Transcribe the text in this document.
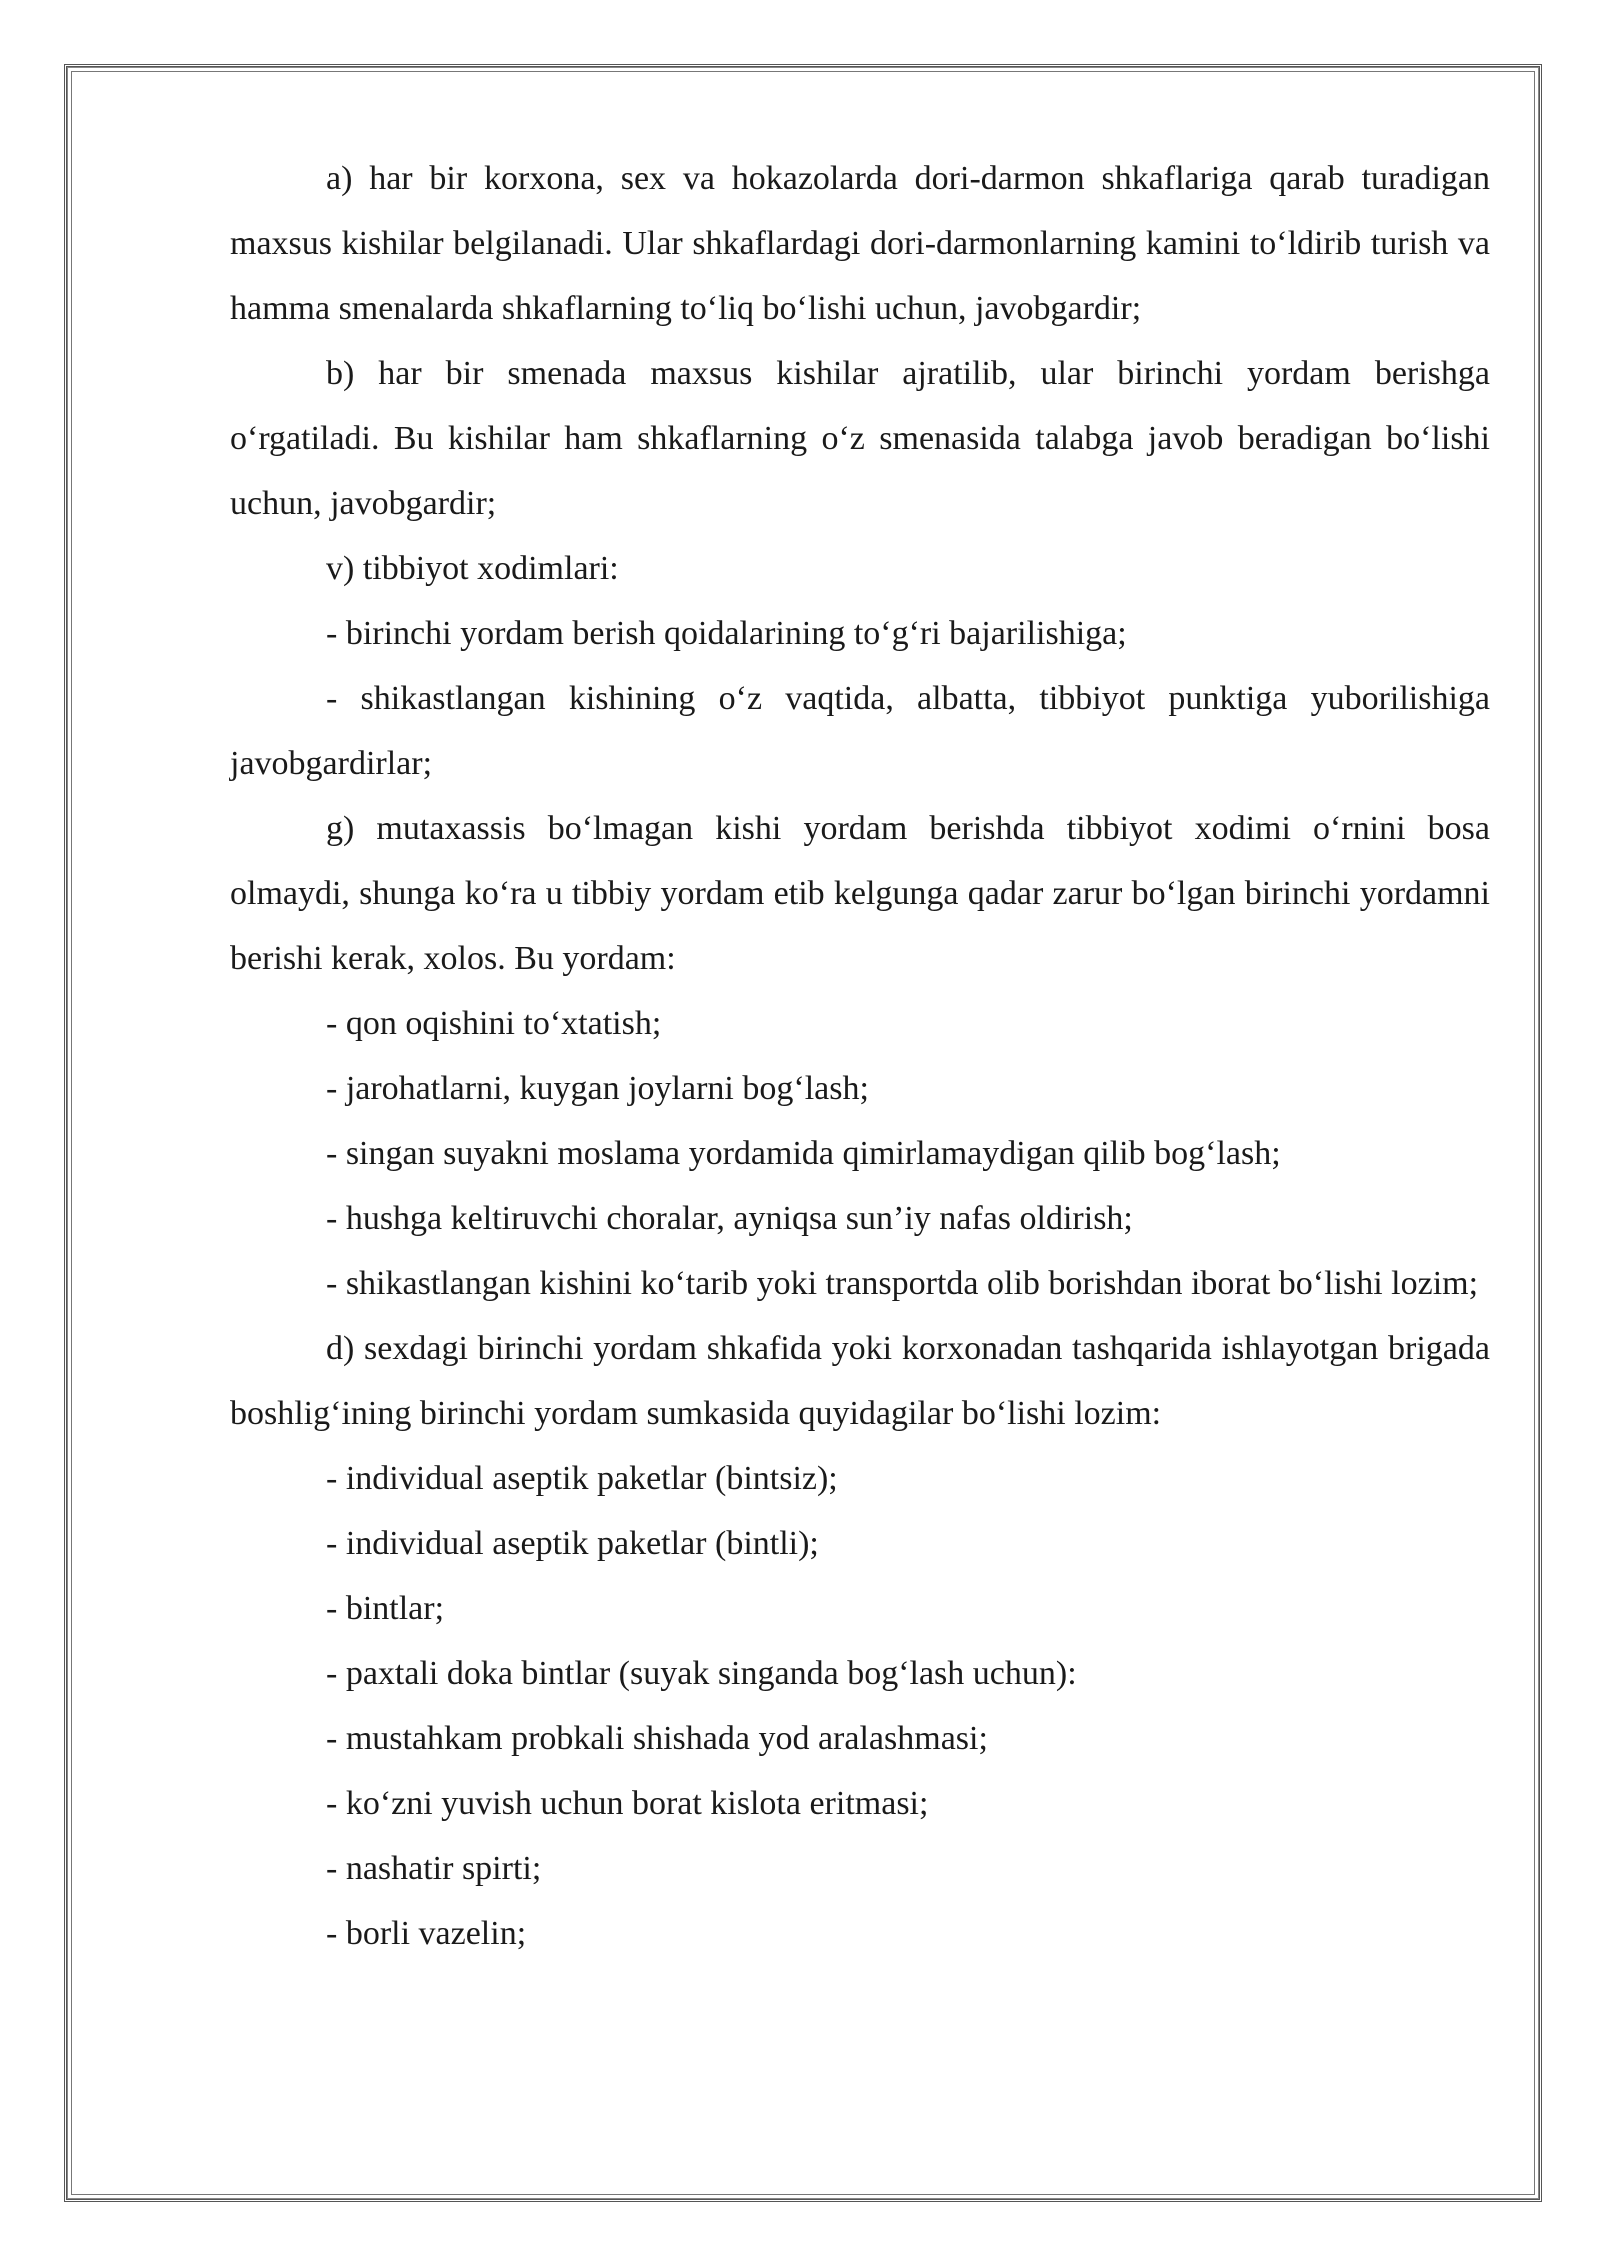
a) har bir korxona, sex va hokazolarda dori-darmon shkaflariga qarab turadigan maxsus kishilar belgilanadi. Ular shkaflardagi dori-darmonlarning kamini to‘ldirib turish va hamma smenalarda shkaflarning to‘liq bo‘lishi uchun, javobgardir;

b) har bir smenada maxsus kishilar ajratilib, ular birinchi yordam berishga o‘rgatiladi. Bu kishilar ham shkaflarning o‘z smenasida talabga javob beradigan bo‘lishi uchun, javobgardir;

v) tibbiyot xodimlari:

- birinchi yordam berish qoidalarining to‘g‘ri bajarilishiga;

- shikastlangan kishining o‘z vaqtida, albatta, tibbiyot punktiga yuborilishiga javobgardirlar;

g) mutaxassis bo‘lmagan kishi yordam berishda tibbiyot xodimi o‘rnini bosa olmaydi, shunga ko‘ra u tibbiy yordam etib kelgunga qadar zarur bo‘lgan birinchi yordamni berishi kerak, xolos. Bu yordam:

- qon oqishini to‘xtatish;

- jarohatlarni, kuygan joylarni bog‘lash;

- singan suyakni moslama yordamida qimirlamaydigan qilib bog‘lash;

- hushga keltiruvchi choralar, ayniqsa sun’iy nafas oldirish;

- shikastlangan kishini ko‘tarib yoki transportda olib borishdan iborat bo‘lishi lozim;

d) sexdagi birinchi yordam shkafida yoki korxonadan tashqarida ishlayotgan brigada boshlig‘ining birinchi yordam sumkasida quyidagilar bo‘lishi lozim:

- individual aseptik paketlar (bintsiz);

- individual aseptik paketlar (bintli);

- bintlar;

- paxtali doka bintlar (suyak singanda bog‘lash uchun):

- mustahkam probkali shishada yod aralashmasi;

- ko‘zni yuvish uchun borat kislota eritmasi;

- nashatir spirti;

- borli vazelin;
